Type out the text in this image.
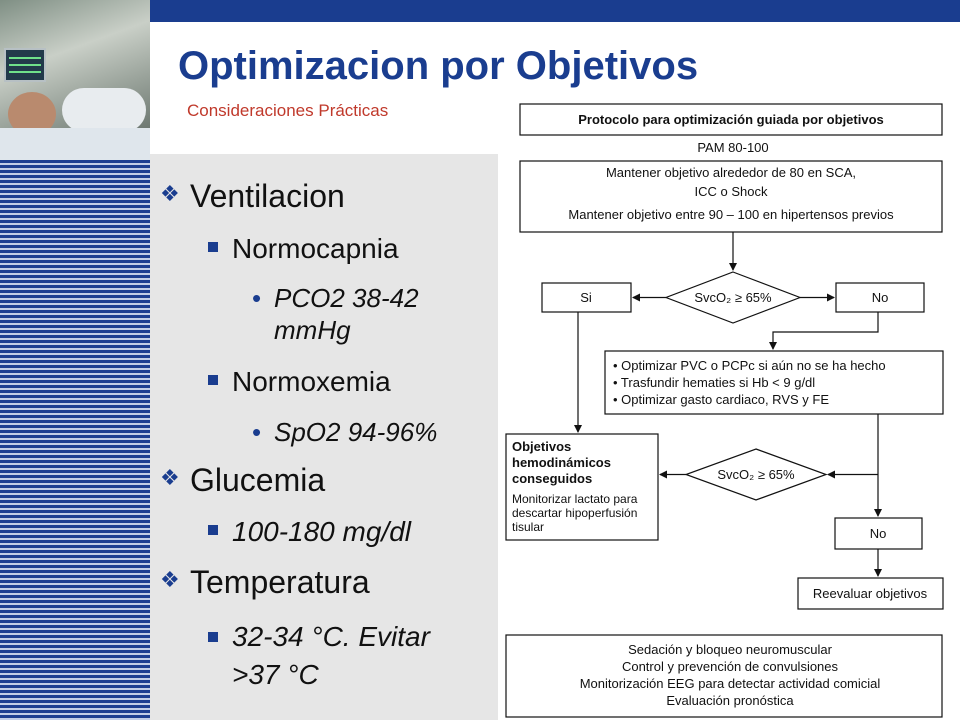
Optimizacion por Objetivos
Consideraciones Prácticas
❖ Ventilacion
Normocapnia
• PCO2 38-42
mmHg
Normoxemia
• SpO2 94-96%
❖ Glucemia
100-180 mg/dl
❖ Temperatura
32-34 °C. Evitar
>37 °C
Protocolo para optimización guiada por objetivos
PAM 80-100
Mantener objetivo alrededor de 80 en SCA,
ICC o Shock
Mantener objetivo entre 90 – 100 en hipertensos previos
SvcO₂ ≥ 65%
Si	No
• Optimizar PVC o PCPc si aún no se ha hecho
• Trasfundir hematies si Hb < 9 g/dl
• Optimizar gasto cardiaco, RVS y FE
Objetivos
hemodinámicos
conseguidos
Monitorizar lactato para
descartar hipoperfusión
tisular
SvcO₂ ≥ 65%
No
Reevaluar objetivos
Sedación y bloqueo neuromuscular
Control y prevención de convulsiones
Monitorización EEG para detectar actividad comicial
Evaluación pronóstica
